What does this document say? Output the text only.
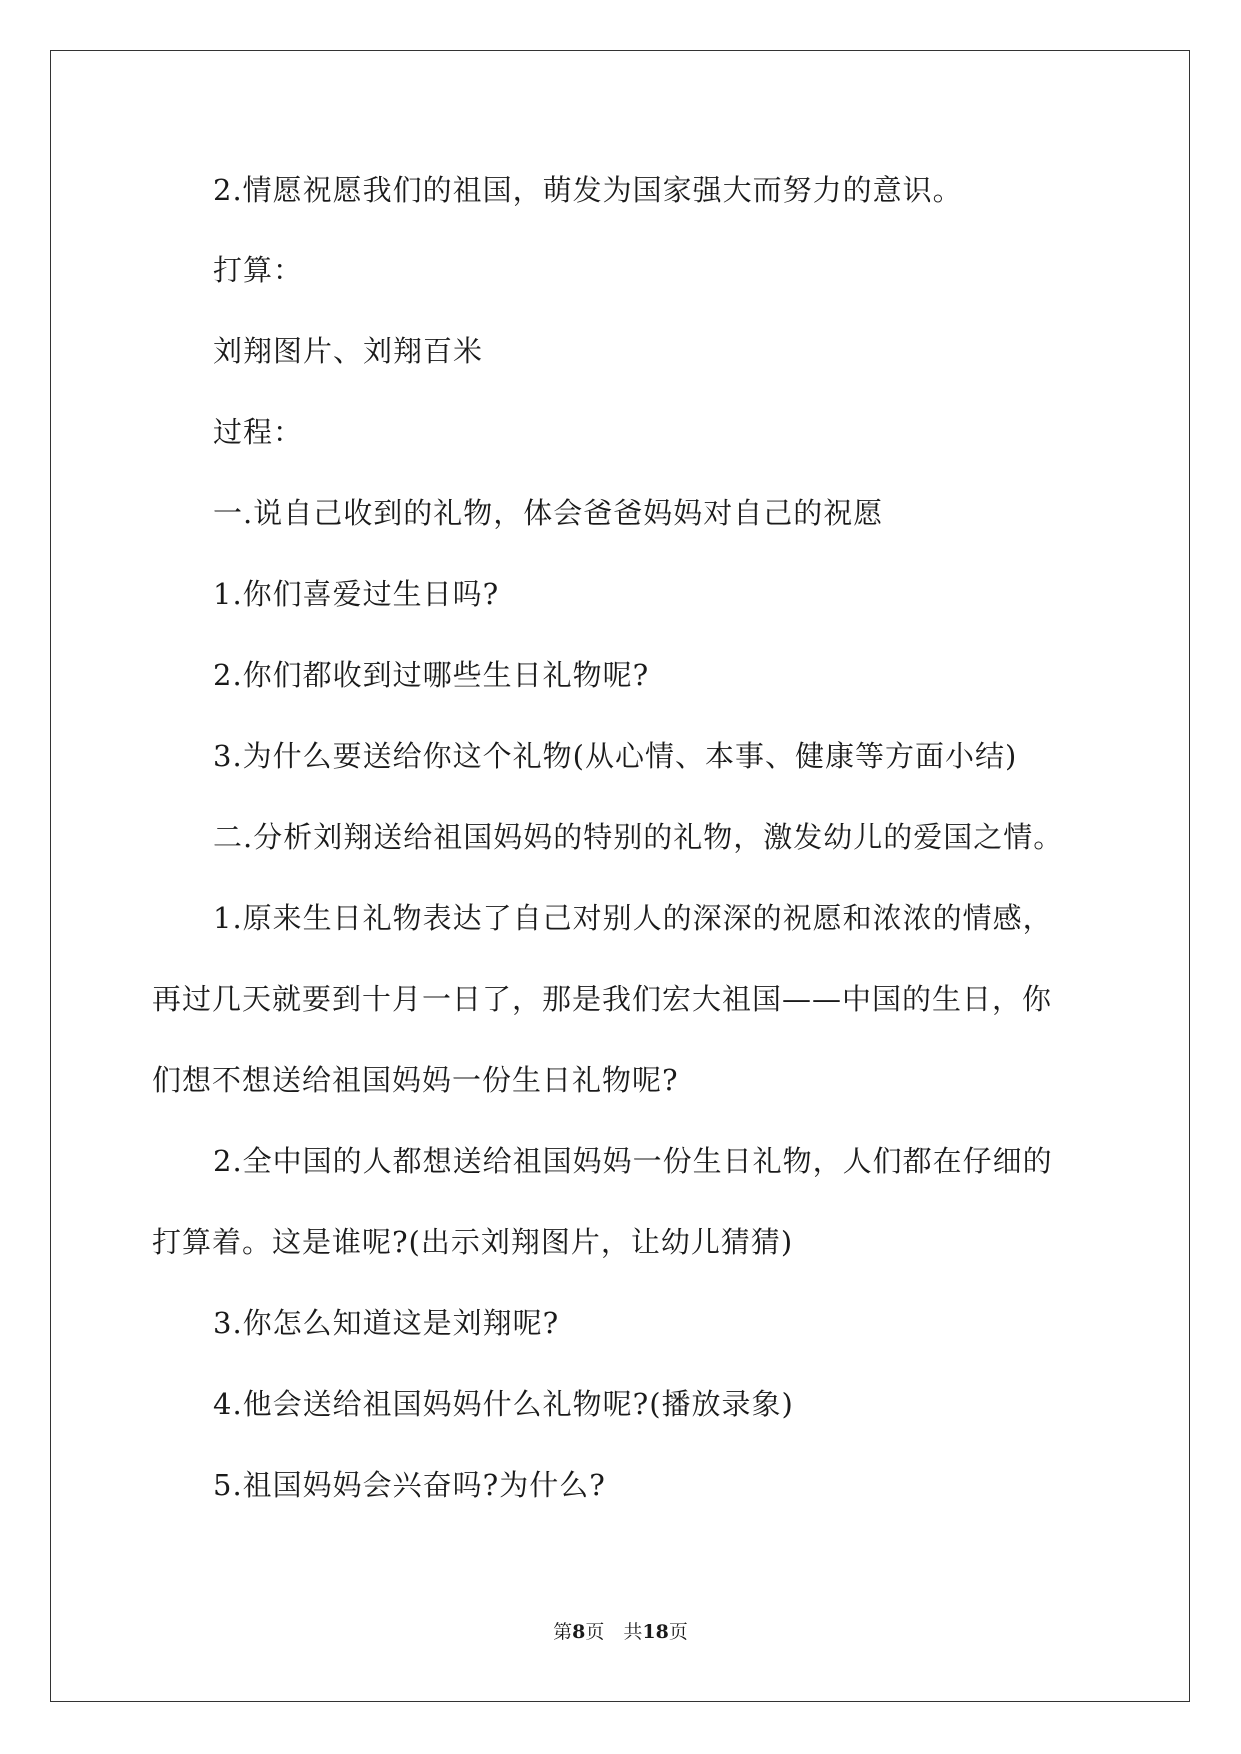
2.情愿祝愿我们的祖国，萌发为国家强大而努力的意识。
打算：
刘翔图片、刘翔百米
过程：
一.说自己收到的礼物，体会爸爸妈妈对自己的祝愿
1.你们喜爱过生日吗?
2.你们都收到过哪些生日礼物呢?
3.为什么要送给你这个礼物(从心情、本事、健康等方面小结)
二.分析刘翔送给祖国妈妈的特别的礼物，激发幼儿的爱国之情。
1.原来生日礼物表达了自己对别人的深深的祝愿和浓浓的情感，
再过几天就要到十月一日了，那是我们宏大祖国——中国的生日，你
们想不想送给祖国妈妈一份生日礼物呢?
2.全中国的人都想送给祖国妈妈一份生日礼物，人们都在仔细的
打算着。这是谁呢?(出示刘翔图片，让幼儿猜猜)
3.你怎么知道这是刘翔呢?
4.他会送给祖国妈妈什么礼物呢?(播放录象)
5.祖国妈妈会兴奋吗?为什么?
第8页　共18页
